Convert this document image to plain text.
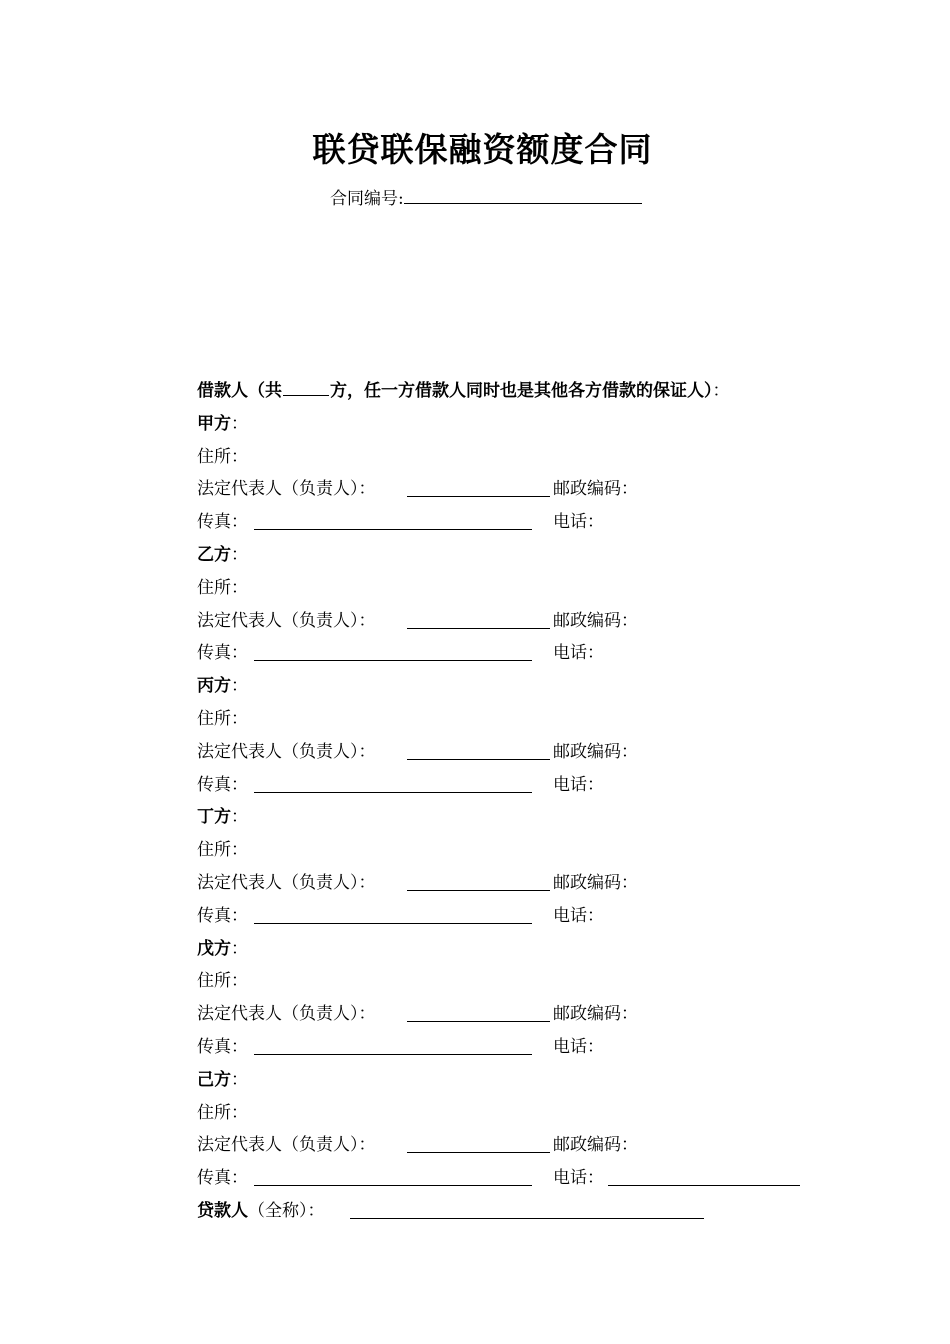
联贷联保融资额度合同
合同编号:
借款人（共	方，任一方借款人同时也是其他各方借款的保证人）：
甲方：
住所：
法定代表人（负责人）：	邮政编码：
传真：	电话：
乙方：
住所：
法定代表人（负责人）：	邮政编码：
传真：	电话：
丙方：
住所：
法定代表人（负责人）：	邮政编码：
传真：	电话：
丁方：
住所：
法定代表人（负责人）：	邮政编码：
传真：	电话：
戊方：
住所：
法定代表人（负责人）：	邮政编码：
传真：	电话：
己方：
住所：
法定代表人（负责人）：	邮政编码：
传真：	电话：
贷款人（全称）：
